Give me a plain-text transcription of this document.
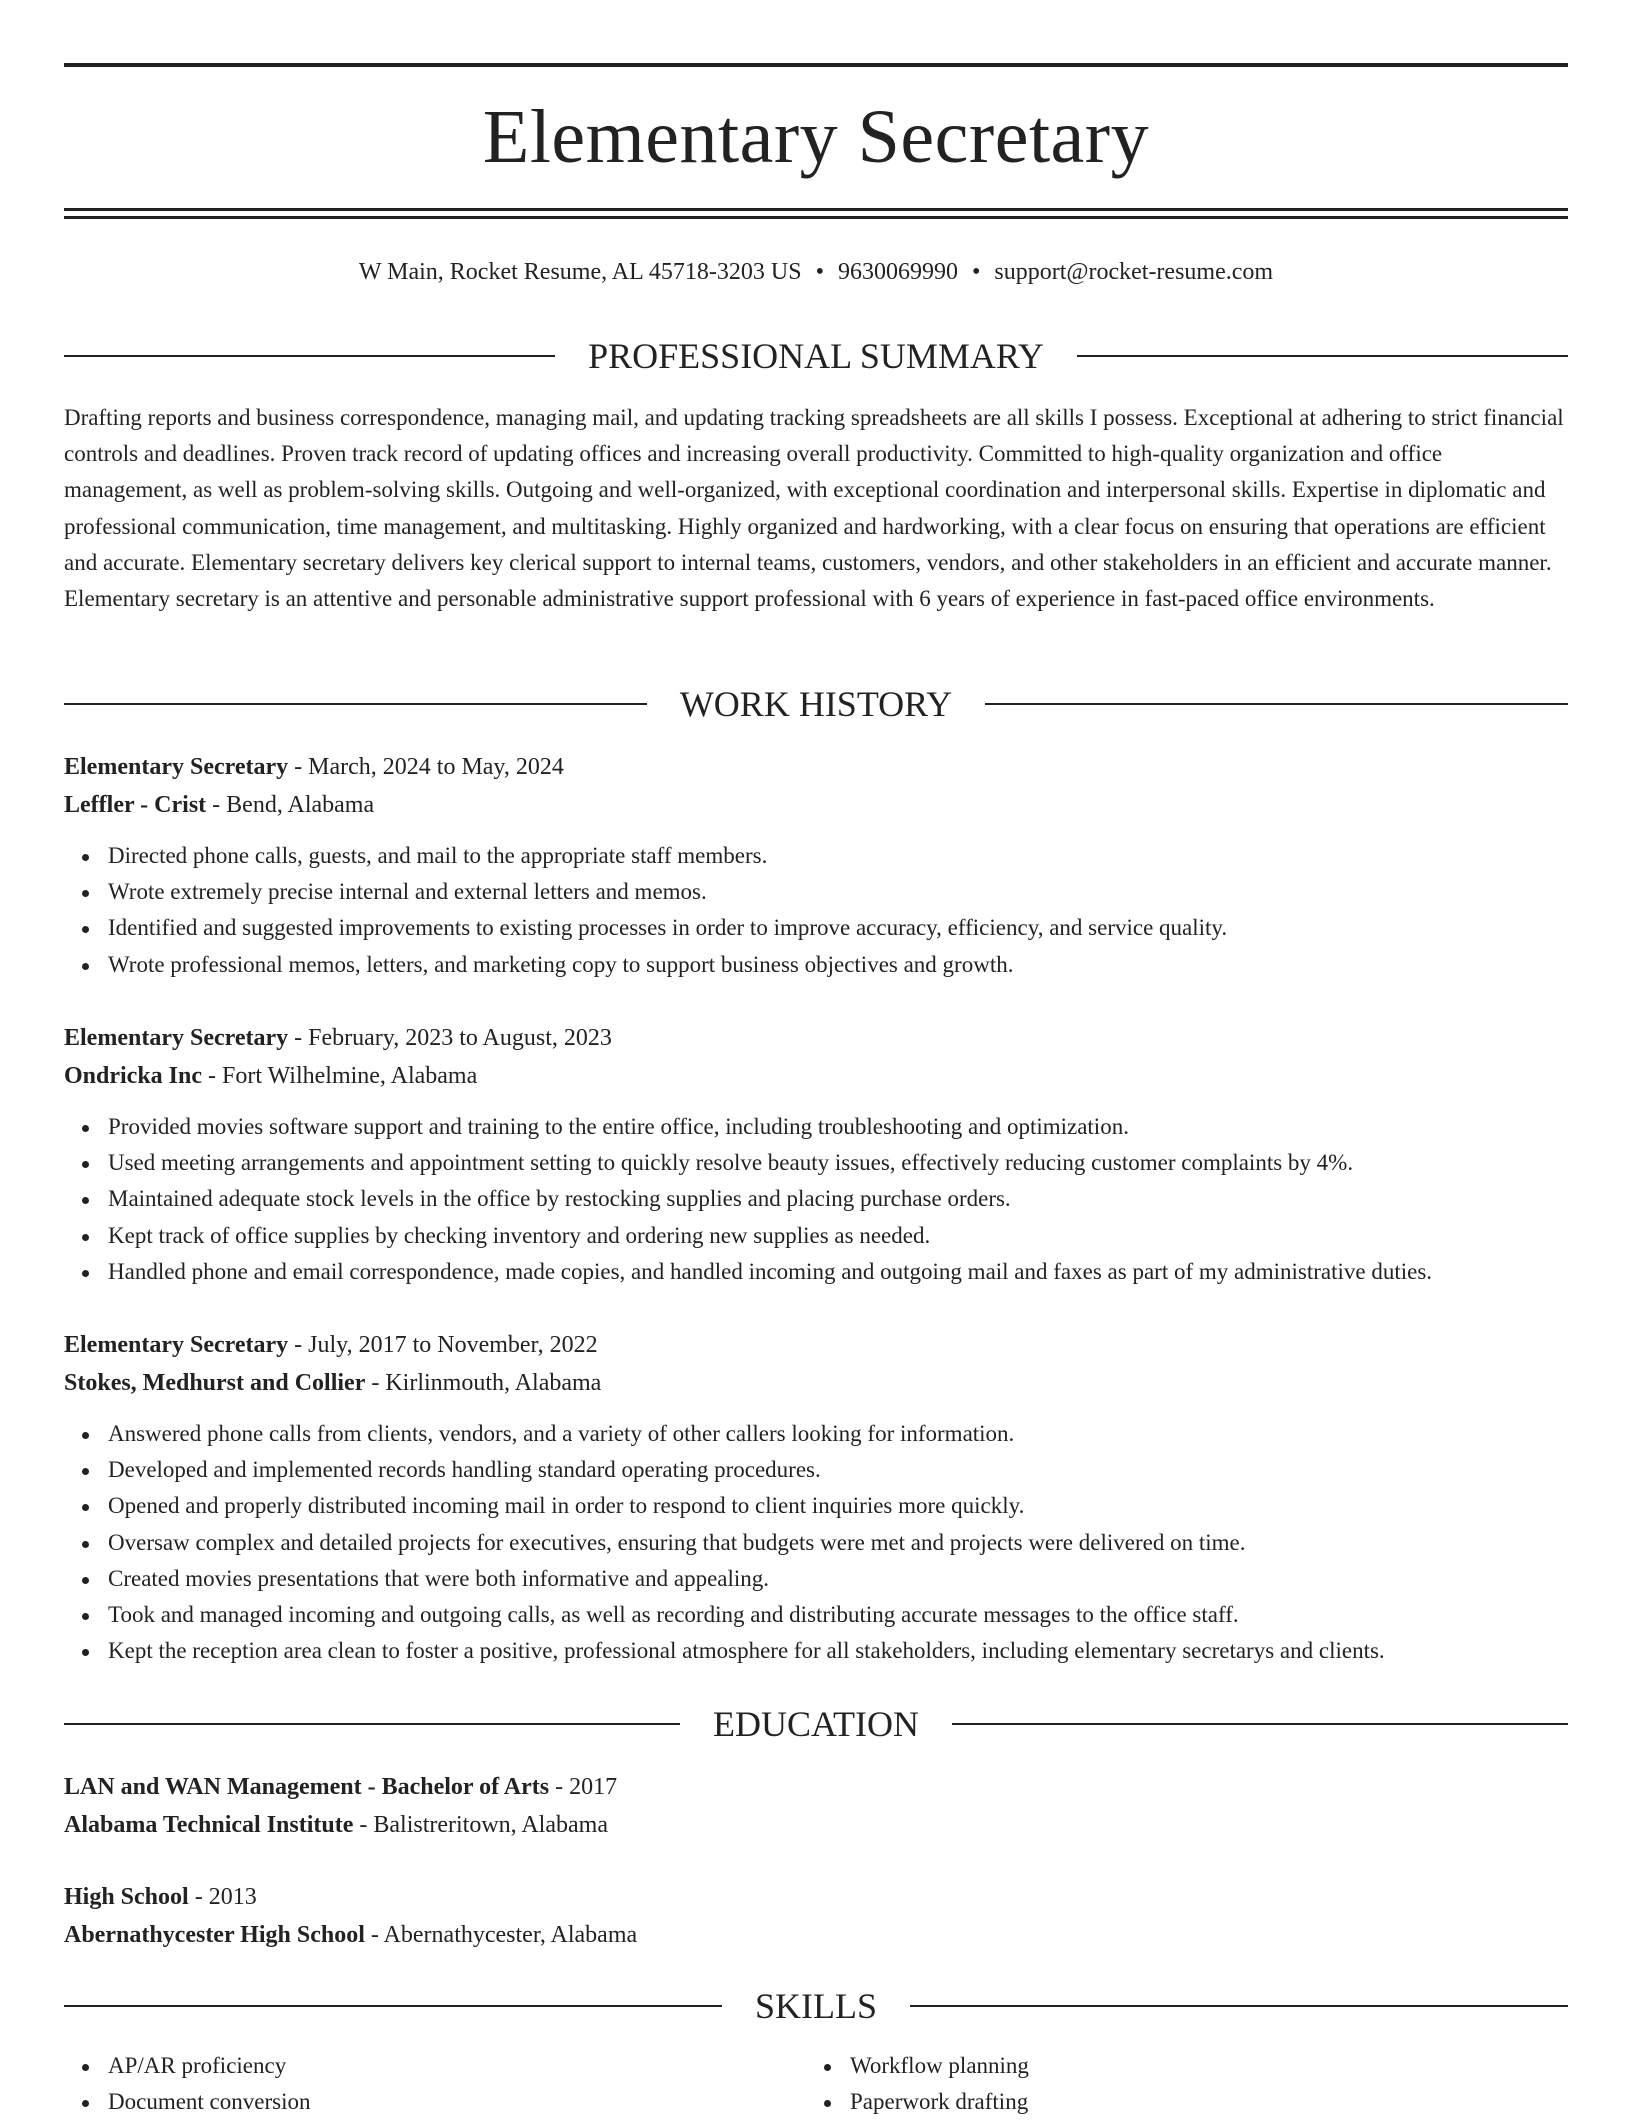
Elementary Secretary
W Main, Rocket Resume, AL 45718-3203 US • 9630069990 • support@rocket-resume.com
PROFESSIONAL SUMMARY

Drafting reports and business correspondence, managing mail, and updating tracking spreadsheets are all skills I possess. Exceptional at adhering to strict financial controls and deadlines. Proven track record of updating offices and increasing overall productivity. Committed to high-quality organization and office management, as well as problem-solving skills. Outgoing and well-organized, with exceptional coordination and interpersonal skills. Expertise in diplomatic and professional communication, time management, and multitasking. Highly organized and hardworking, with a clear focus on ensuring that operations are efficient and accurate. Elementary secretary delivers key clerical support to internal teams, customers, vendors, and other stakeholders in an efficient and accurate manner. Elementary secretary is an attentive and personable administrative support professional with 6 years of experience in fast-paced office environments.

WORK HISTORY
Elementary Secretary - March, 2024 to May, 2024
Leffler - Crist - Bend, Alabama
Directed phone calls, guests, and mail to the appropriate staff members.
Wrote extremely precise internal and external letters and memos.
Identified and suggested improvements to existing processes in order to improve accuracy, efficiency, and service quality.
Wrote professional memos, letters, and marketing copy to support business objectives and growth.
Elementary Secretary - February, 2023 to August, 2023
Ondricka Inc - Fort Wilhelmine, Alabama
Provided movies software support and training to the entire office, including troubleshooting and optimization.
Used meeting arrangements and appointment setting to quickly resolve beauty issues, effectively reducing customer complaints by 4%.
Maintained adequate stock levels in the office by restocking supplies and placing purchase orders.
Kept track of office supplies by checking inventory and ordering new supplies as needed.
Handled phone and email correspondence, made copies, and handled incoming and outgoing mail and faxes as part of my administrative duties.
Elementary Secretary - July, 2017 to November, 2022
Stokes, Medhurst and Collier - Kirlinmouth, Alabama
Answered phone calls from clients, vendors, and a variety of other callers looking for information.
Developed and implemented records handling standard operating procedures.
Opened and properly distributed incoming mail in order to respond to client inquiries more quickly.
Oversaw complex and detailed projects for executives, ensuring that budgets were met and projects were delivered on time.
Created movies presentations that were both informative and appealing.
Took and managed incoming and outgoing calls, as well as recording and distributing accurate messages to the office staff.
Kept the reception area clean to foster a positive, professional atmosphere for all stakeholders, including elementary secretarys and clients.
EDUCATION
LAN and WAN Management - Bachelor of Arts - 2017
Alabama Technical Institute - Balistreritown, Alabama
High School - 2013
Abernathycester High School - Abernathycester, Alabama
SKILLS
AP/AR proficiency
Document conversion
Workflow planning
Paperwork drafting
